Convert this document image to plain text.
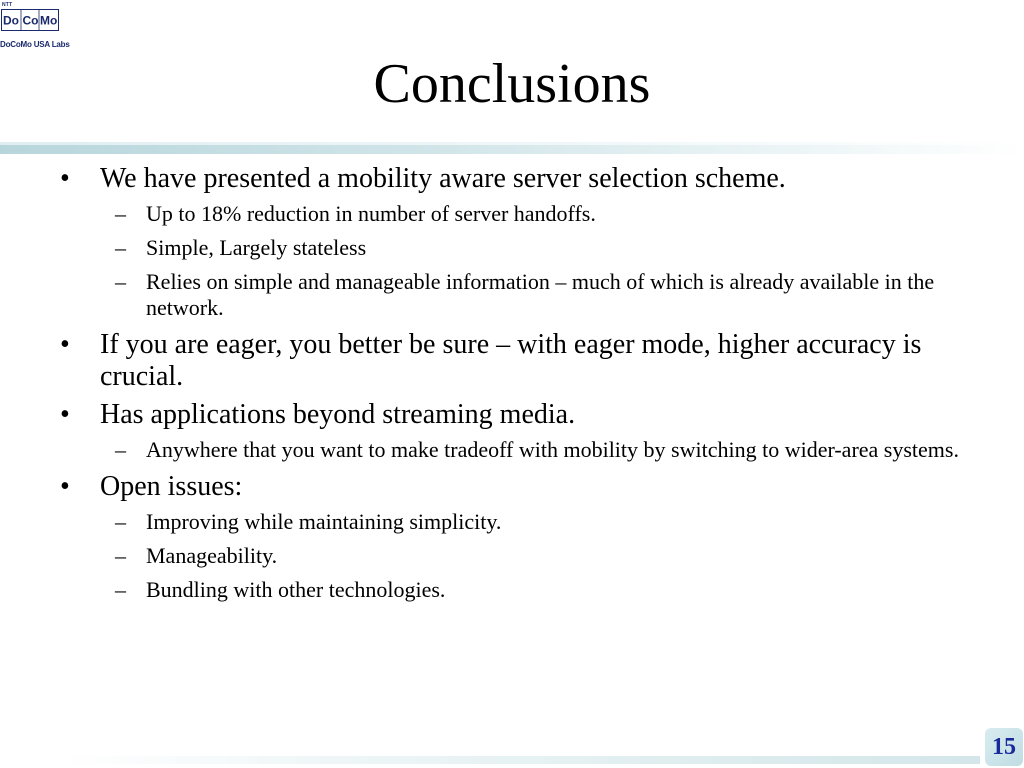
NTT
Do Co Mo
DoCoMo USA Labs
Conclusions
• We have presented a mobility aware server selection scheme.
– Up to 18% reduction in number of server handoffs.
– Simple, Largely stateless
– Relies on simple and manageable information – much of which is already available in the network.
• If you are eager, you better be sure – with eager mode, higher accuracy is crucial.
• Has applications beyond streaming media.
– Anywhere that you want to make tradeoff with mobility by switching to wider-area systems.
• Open issues:
– Improving while maintaining simplicity.
– Manageability.
– Bundling with other technologies.
15
